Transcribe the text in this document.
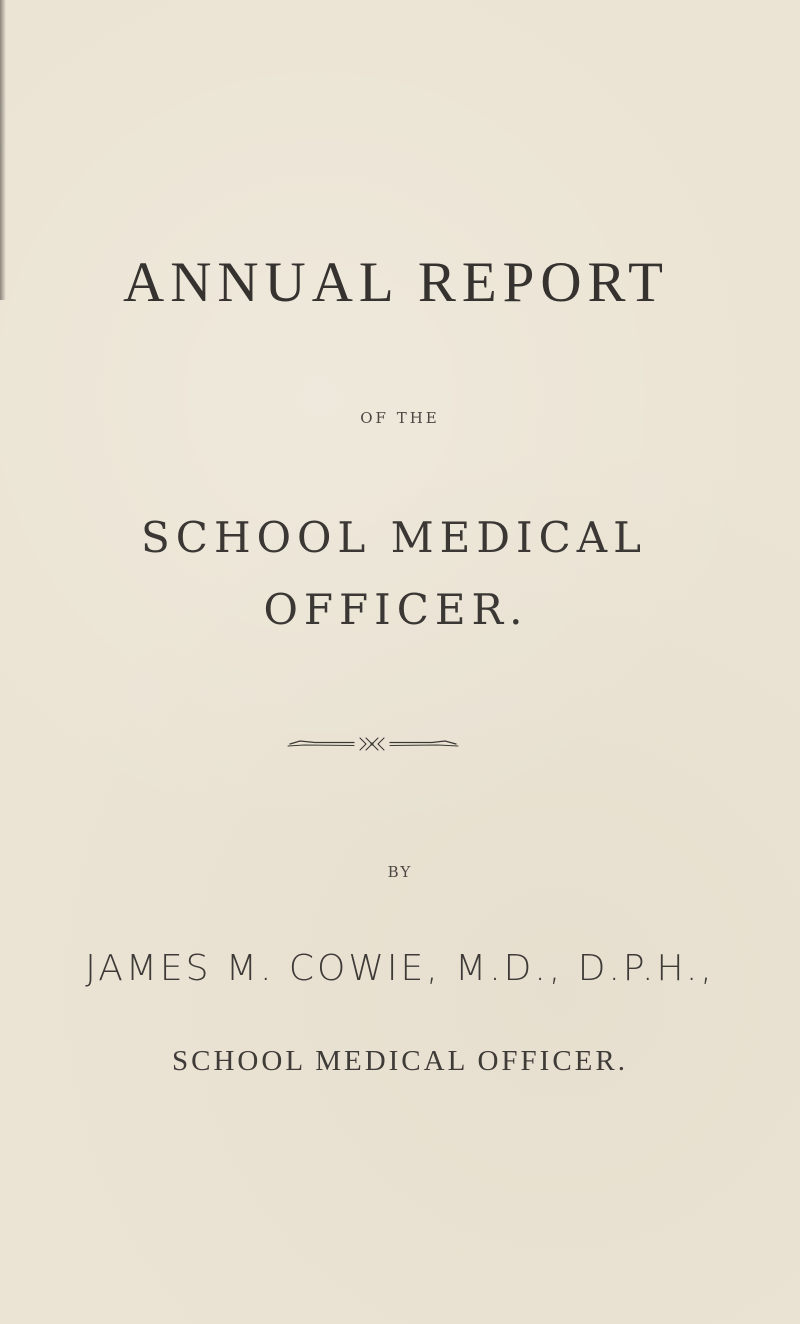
ANNUAL REPORT
OF THE
SCHOOL MEDICAL
OFFICER.
BY
JAMES M. COWIE, M.D., D.P.H.,
SCHOOL MEDICAL OFFICER.
